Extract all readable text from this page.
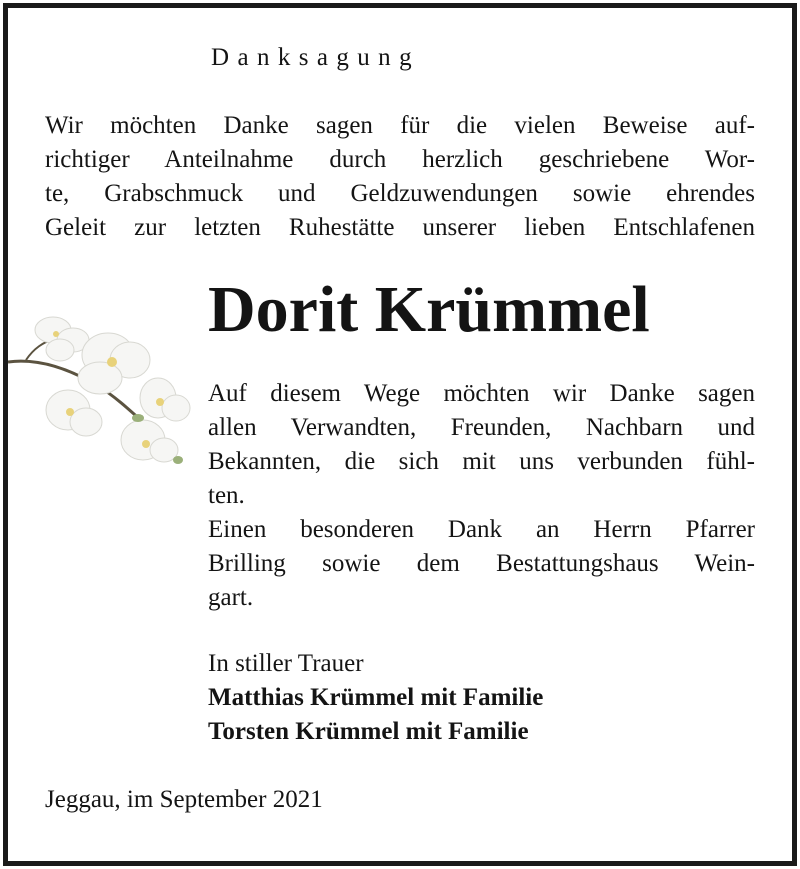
Danksagung
Wir möchten Danke sagen für die vielen Beweise auf-
richtiger Anteilnahme durch herzlich geschriebene Wor-
te, Grabschmuck und Geldzuwendungen sowie ehrendes
Geleit zur letzten Ruhestätte unserer lieben Entschlafenen
Dorit Krümmel
Auf diesem Wege möchten wir Danke sagen
allen Verwandten, Freunden, Nachbarn und
Bekannten, die sich mit uns verbunden fühl-
ten.
Einen besonderen Dank an Herrn Pfarrer
Brilling sowie dem Bestattungshaus Wein-
gart.
In stiller Trauer
Matthias Krümmel mit Familie
Torsten Krümmel mit Familie
Jeggau, im September 2021
